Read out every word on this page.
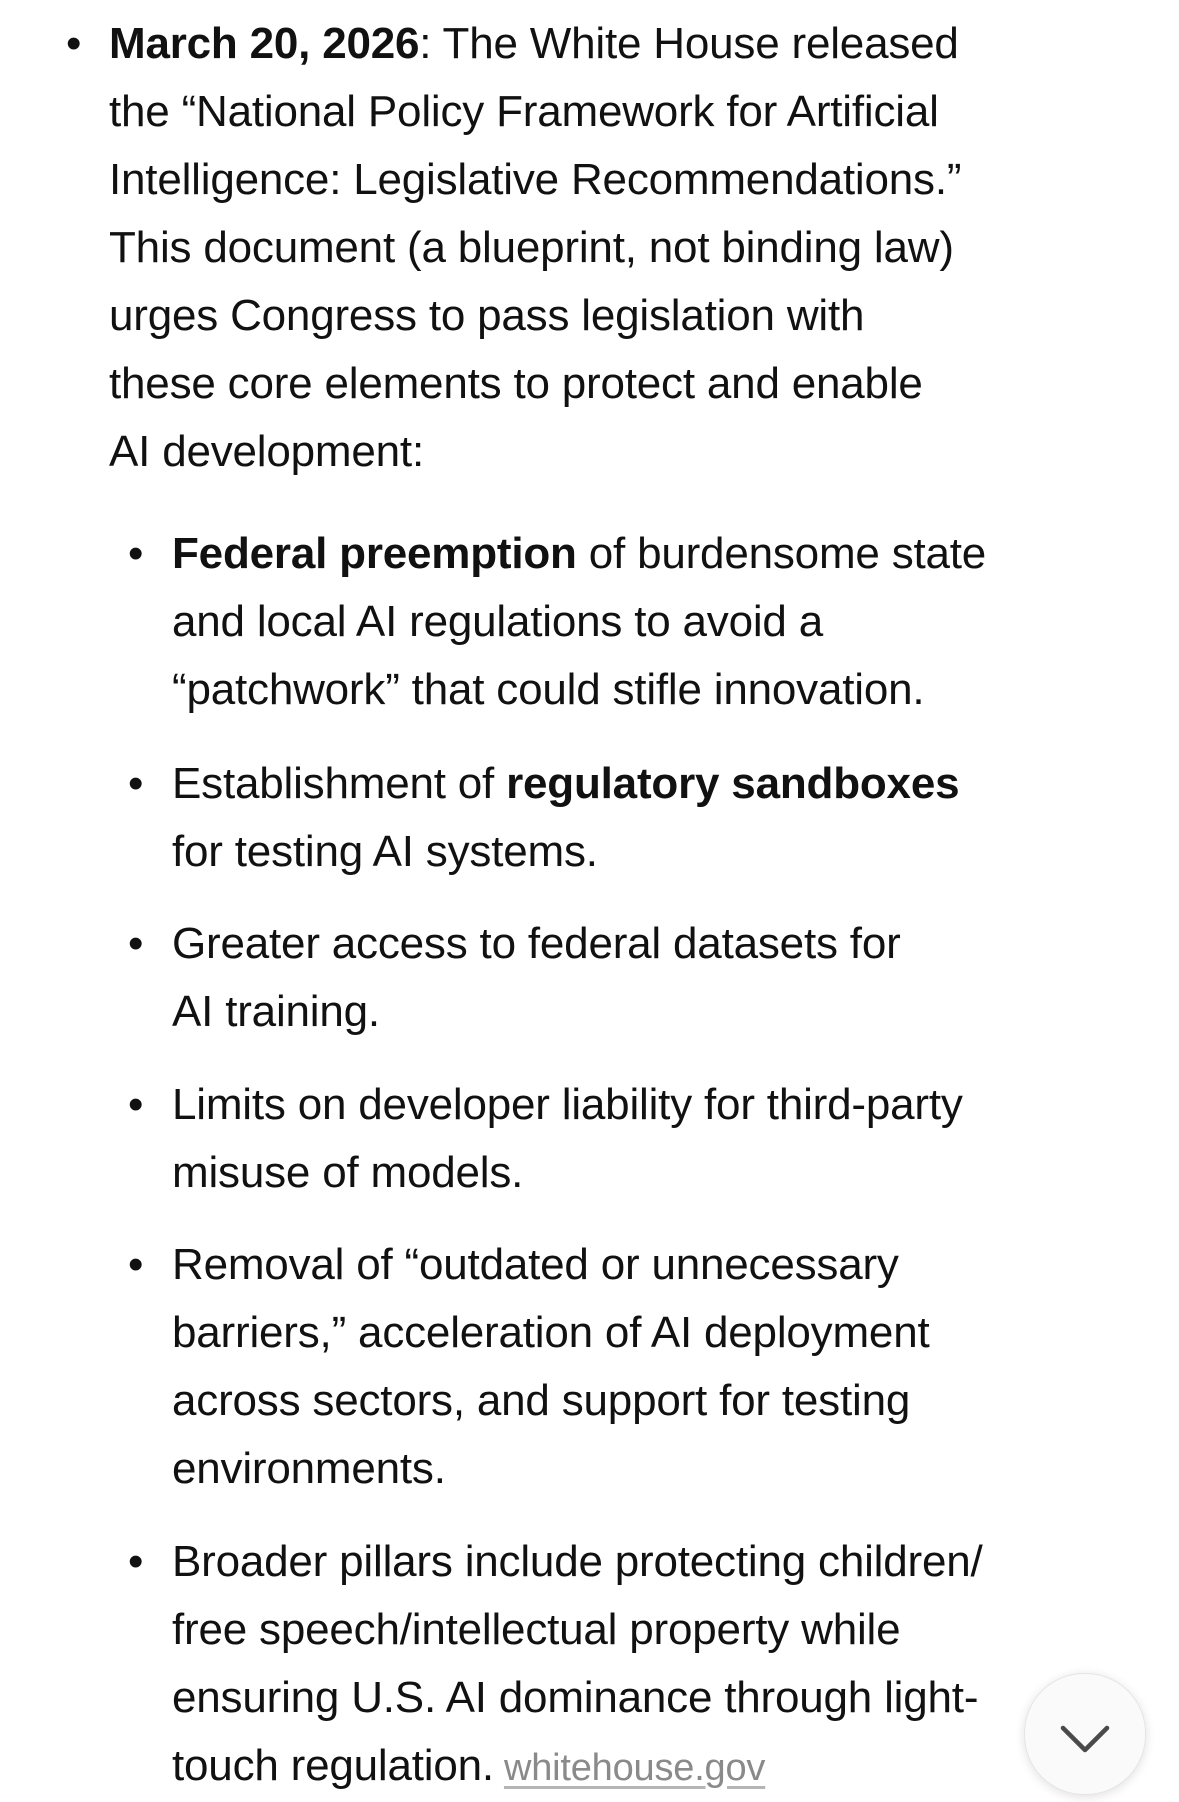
• March 20, 2026: The White House released
the “National Policy Framework for Artificial
Intelligence: Legislative Recommendations.”
This document (a blueprint, not binding law)
urges Congress to pass legislation with
these core elements to protect and enable
AI development:
• Federal preemption of burdensome state
and local AI regulations to avoid a
“patchwork” that could stifle innovation.
• Establishment of regulatory sandboxes
for testing AI systems.
• Greater access to federal datasets for
AI training.
• Limits on developer liability for third-party
misuse of models.
• Removal of “outdated or unnecessary
barriers,” acceleration of AI deployment
across sectors, and support for testing
environments.
• Broader pillars include protecting children/
free speech/intellectual property while
ensuring U.S. AI dominance through light-
touch regulation. whitehouse.gov
